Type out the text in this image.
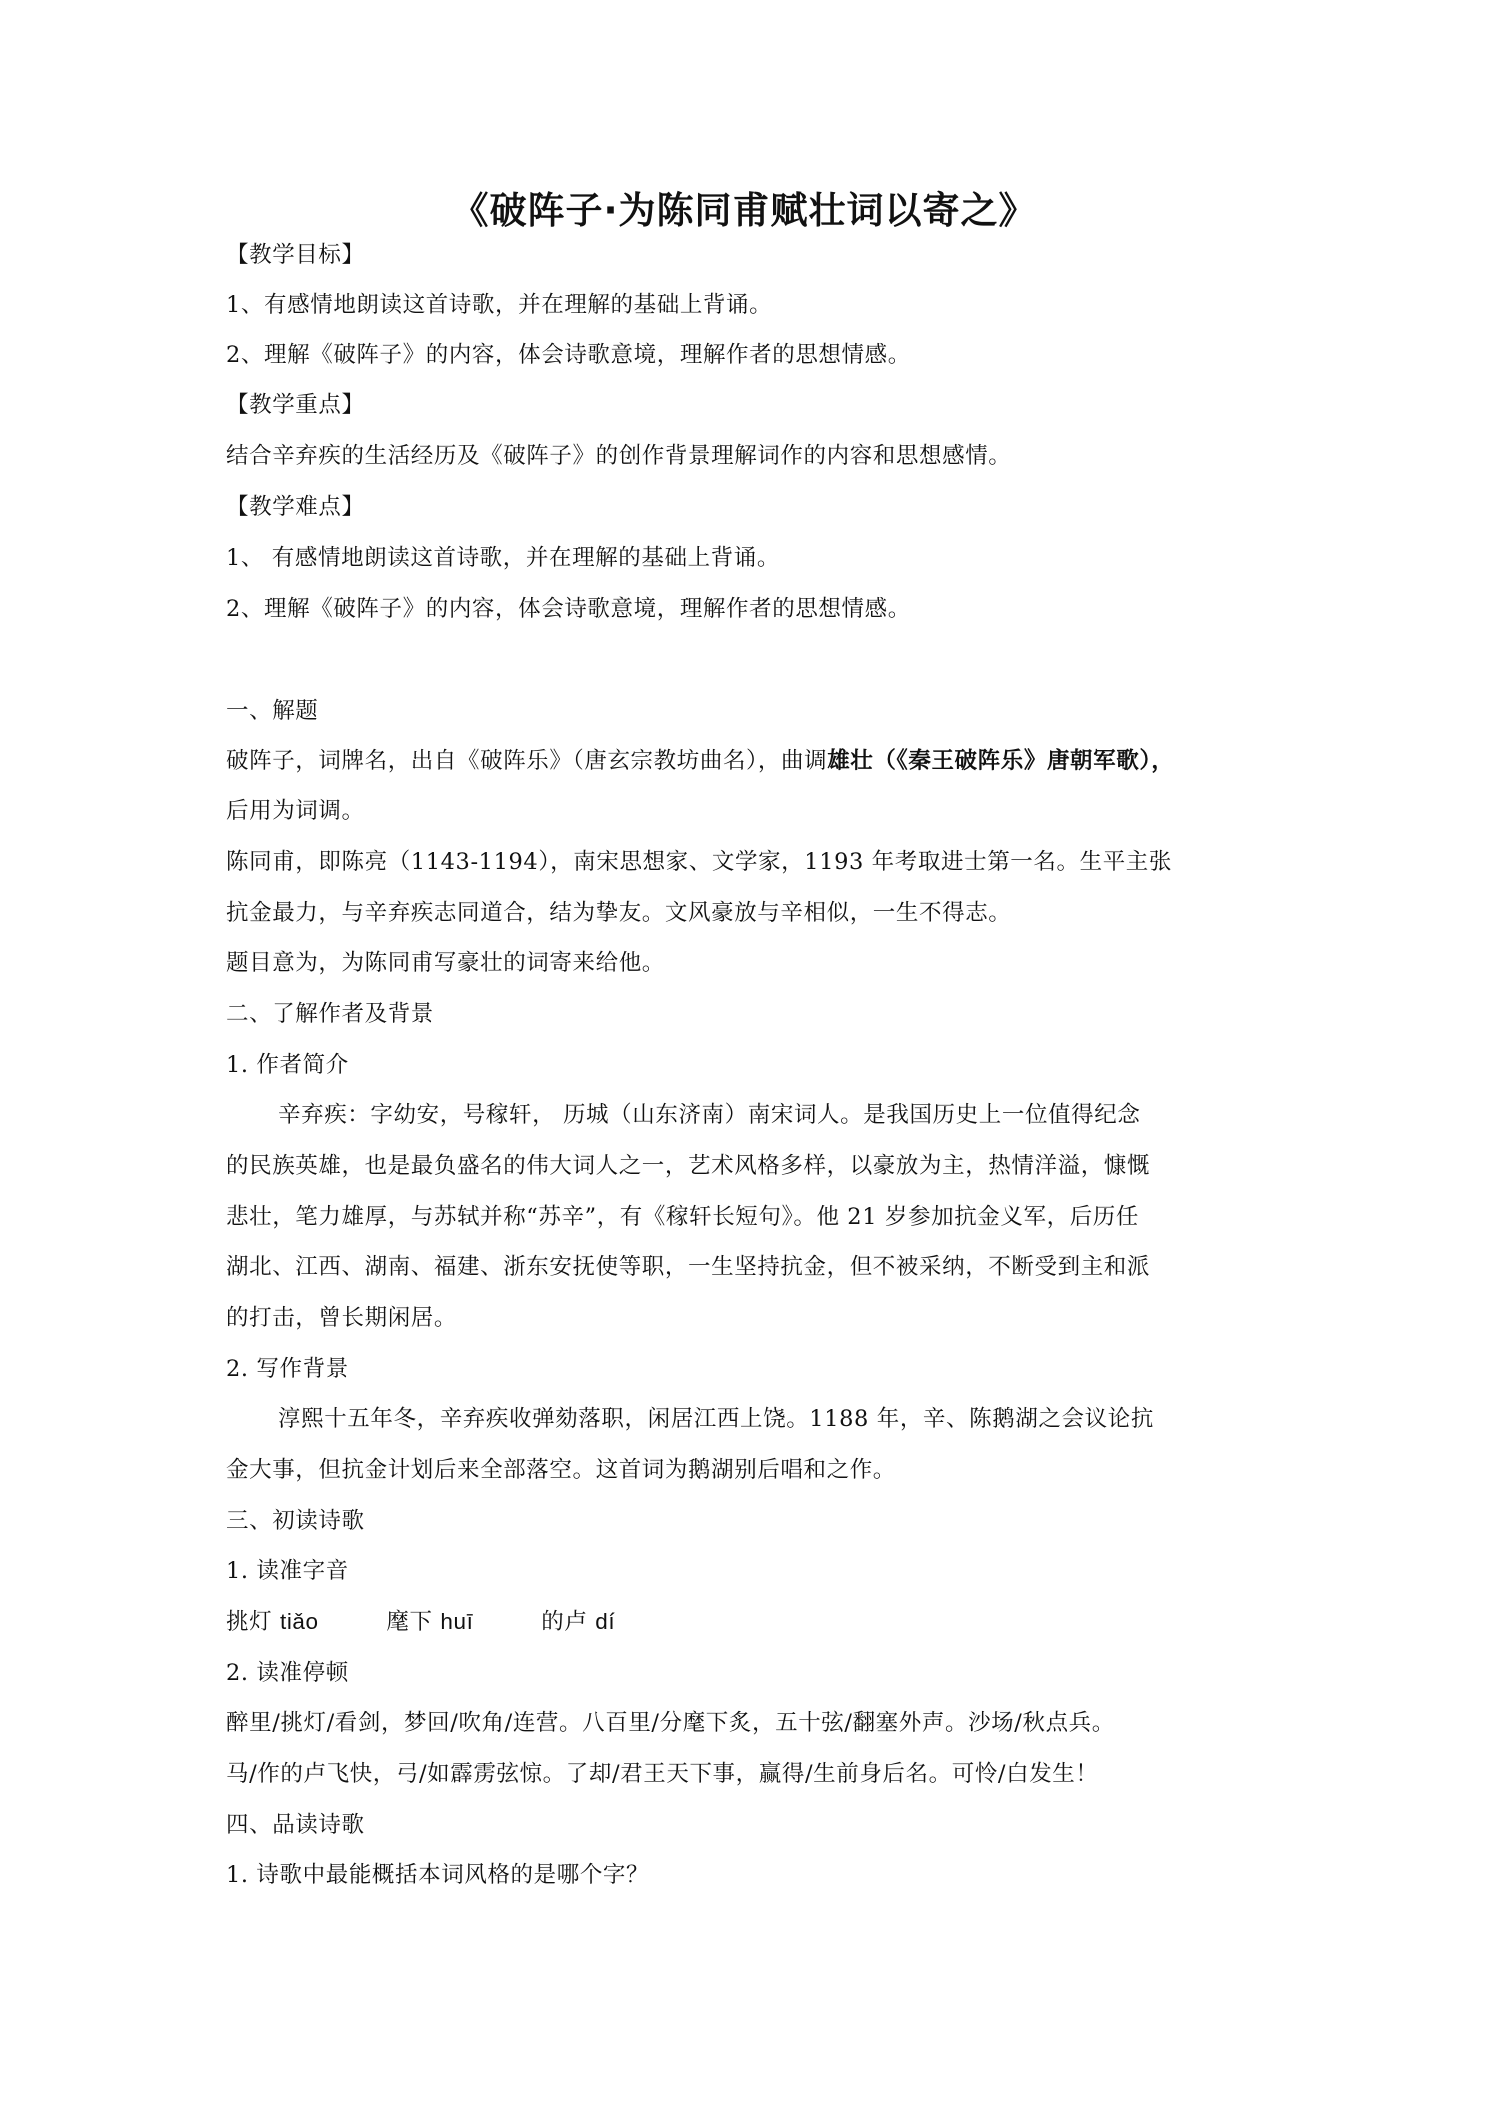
《破阵子·为陈同甫赋壮词以寄之》
【教学目标】
1、有感情地朗读这首诗歌，并在理解的基础上背诵。
2、理解《破阵子》的内容，体会诗歌意境，理解作者的思想情感。
【教学重点】
结合辛弃疾的生活经历及《破阵子》的创作背景理解词作的内容和思想感情。
【教学难点】
1、 有感情地朗读这首诗歌，并在理解的基础上背诵。
2、理解《破阵子》的内容，体会诗歌意境，理解作者的思想情感。
一、解题
破阵子，词牌名，出自《破阵乐》（唐玄宗教坊曲名），曲调雄壮（《秦王破阵乐》唐朝军歌），
后用为词调。
陈同甫，即陈亮（1143-1194），南宋思想家、文学家，1193 年考取进士第一名。生平主张
抗金最力，与辛弃疾志同道合，结为挚友。文风豪放与辛相似，一生不得志。
题目意为，为陈同甫写豪壮的词寄来给他。
二、了解作者及背景
1. 作者简介
辛弃疾：字幼安，号稼轩， 历城（山东济南）南宋词人。是我国历史上一位值得纪念
的民族英雄，也是最负盛名的伟大词人之一，艺术风格多样，以豪放为主，热情洋溢，慷慨
悲壮，笔力雄厚，与苏轼并称“苏辛”，有《稼轩长短句》。他 21 岁参加抗金义军，后历任
湖北、江西、湖南、福建、浙东安抚使等职，一生坚持抗金，但不被采纳，不断受到主和派
的打击，曾长期闲居。
2. 写作背景
淳熙十五年冬，辛弃疾收弹劾落职，闲居江西上饶。1188 年，辛、陈鹅湖之会议论抗
金大事，但抗金计划后来全部落空。这首词为鹅湖别后唱和之作。
三、初读诗歌
1. 读准字音
挑灯 tiǎo	麾下 huī	的卢 dí
2. 读准停顿
醉里/挑灯/看剑，梦回/吹角/连营。八百里/分麾下炙，五十弦/翻塞外声。沙场/秋点兵。
马/作的卢飞快，弓/如霹雳弦惊。了却/君王天下事，赢得/生前身后名。可怜/白发生！
四、品读诗歌
1. 诗歌中最能概括本词风格的是哪个字？
